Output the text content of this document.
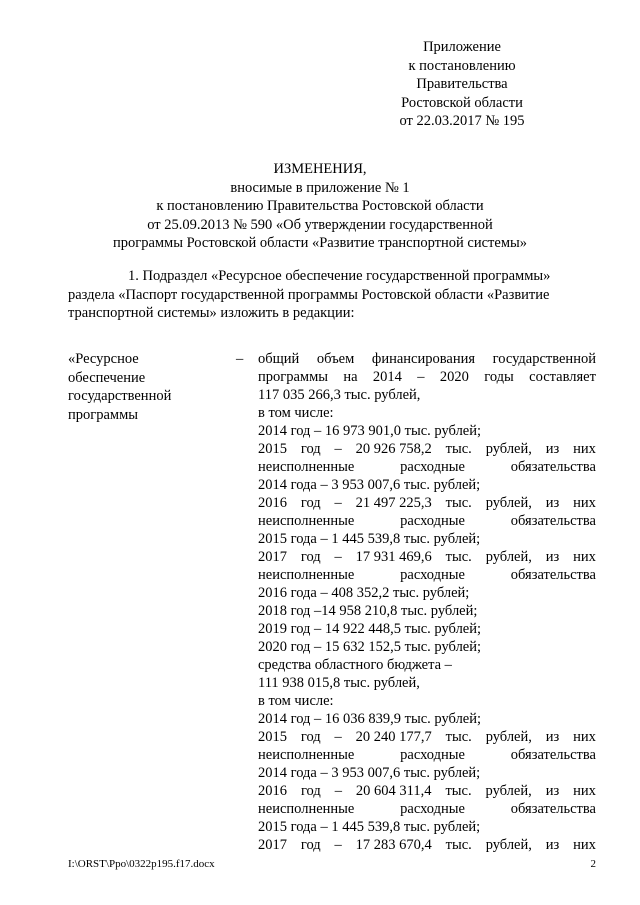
Приложение
к постановлению
Правительства
Ростовской области
от 22.03.2017 № 195
ИЗМЕНЕНИЯ,
вносимые в приложение № 1
к постановлению Правительства Ростовской области
от 25.09.2013 № 590 «Об утверждении государственной
программы Ростовской области «Развитие транспортной системы»

1. Подраздел «Ресурсное обеспечение государственной программы»

раздела «Паспорт государственной программы Ростовской области «Развитие

транспортной системы» изложить в редакции:

«Ресурсное
обеспечение
государственной
программы
– общий объем финансирования государственной
программы на 2014 – 2020 годы составляет
117 035 266,3 тыс. рублей,
в том числе:
2014 год – 16 973 901,0 тыс. рублей;
2015 год – 20 926 758,2 тыс. рублей, из них
неисполненные	расходные	обязательства
2014 года – 3 953 007,6 тыс. рублей;
2016 год – 21 497 225,3 тыс. рублей, из них
неисполненные	расходные	обязательства
2015 года – 1 445 539,8 тыс. рублей;
2017 год – 17 931 469,6 тыс. рублей, из них
неисполненные	расходные	обязательства
2016 года – 408 352,2 тыс. рублей;
2018 год –14 958 210,8 тыс. рублей;
2019 год – 14 922 448,5 тыс. рублей;
2020 год – 15 632 152,5 тыс. рублей;
средства областного бюджета –
111 938 015,8 тыс. рублей,
в том числе:
2014 год – 16 036 839,9 тыс. рублей;
2015 год – 20 240 177,7 тыс. рублей, из них
неисполненные	расходные	обязательства
2014 года – 3 953 007,6 тыс. рублей;
2016 год – 20 604 311,4 тыс. рублей, из них
неисполненные	расходные	обязательства
2015 года – 1 445 539,8 тыс. рублей;
2017 год – 17 283 670,4 тыс. рублей, из них
I:\ORST\Ppo\0322p195.f17.docx	2
